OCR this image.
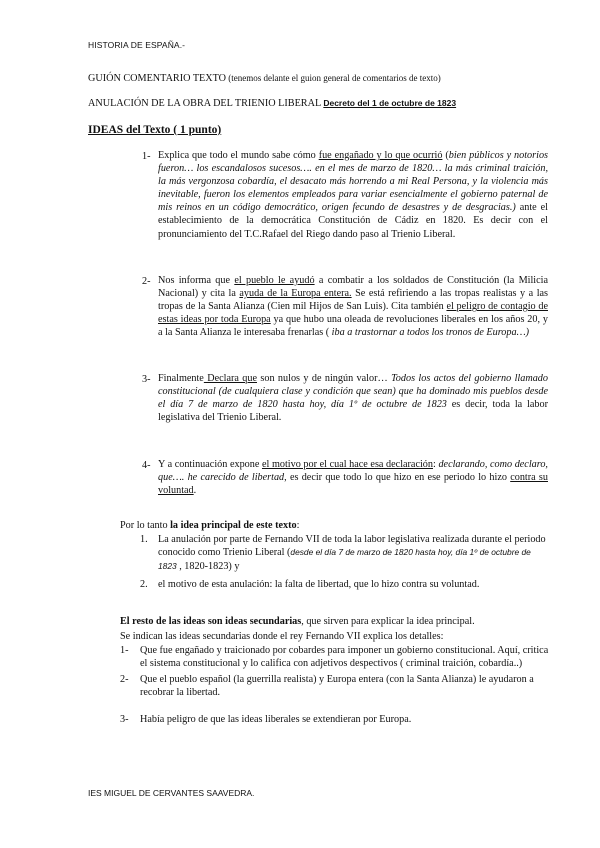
HISTORIA DE ESPAÑA.-
GUIÓN COMENTARIO TEXTO (tenemos delante el guion general de comentarios de texto)
ANULACIÓN DE LA OBRA DEL TRIENIO LIBERAL Decreto del 1 de octubre de 1823
IDEAS del Texto ( 1 punto)
1- Explica que todo el mundo sabe cómo fue engañado y lo que ocurrió (bien públicos y notorios fueron… los escandalosos sucesos…. en el mes de marzo de 1820… la más criminal traición, la más vergonzosa cobardía, el desacato más horrendo a mi Real Persona, y la violencia más inevitable, fueron los elementos empleados para variar esencialmente el gobierno paternal de mis reinos en un código democrático, origen fecundo de desastres y de desgracias.) ante el establecimiento de la democrática Constitución de Cádiz en 1820. Es decir con el pronunciamiento del T.C.Rafael del Riego dando paso al Trienio Liberal.
2- Nos informa que el pueblo le ayudó a combatir a los soldados de Constitución (la Milicia Nacional) y cita la ayuda de la Europa entera. Se está refiriendo a las tropas realistas y a las tropas de la Santa Alianza (Cien mil Hijos de San Luis). Cita también el peligro de contagio de estas ideas por toda Europa ya que hubo una oleada de revoluciones liberales en los años 20, y a la Santa Alianza le interesaba frenarlas ( iba a trastornar a todos los tronos de Europa…)
3- Finalmente Declara que son nulos y de ningún valor… Todos los actos del gobierno llamado constitucional (de cualquiera clase y condición que sean) que ha dominado mis pueblos desde el día 7 de marzo de 1820 hasta hoy, día 1º de octubre de 1823 es decir, toda la labor legislativa del Trienio Liberal.
4- Y a continuación expone el motivo por el cual hace esa declaración: declarando, como declaro, que…. he carecido de libertad, es decir que todo lo que hizo en ese periodo lo hizo contra su voluntad.
Por lo tanto la idea principal de este texto:
1. La anulación por parte de Fernando VII de toda la labor legislativa realizada durante el periodo conocido como Trienio Liberal (desde el día 7 de marzo de 1820 hasta hoy, día 1º de octubre de 1823 , 1820-1823) y
2. el motivo de esta anulación: la falta de libertad, que lo hizo contra su voluntad.
El resto de las ideas son ideas secundarias, que sirven para explicar la idea principal.
Se indican las ideas secundarias donde el rey Fernando VII explica los detalles:
1- Que fue engañado y traicionado por cobardes para imponer un gobierno constitucional. Aquí, critica el sistema constitucional y lo califica con adjetivos despectivos ( criminal traición, cobardía..)
2- Que el pueblo español (la guerrilla realista) y Europa entera (con la Santa Alianza) le ayudaron a recobrar la libertad.
3- Había peligro de que las ideas liberales se extendieran por Europa.
IES MIGUEL DE CERVANTES SAAVEDRA.
